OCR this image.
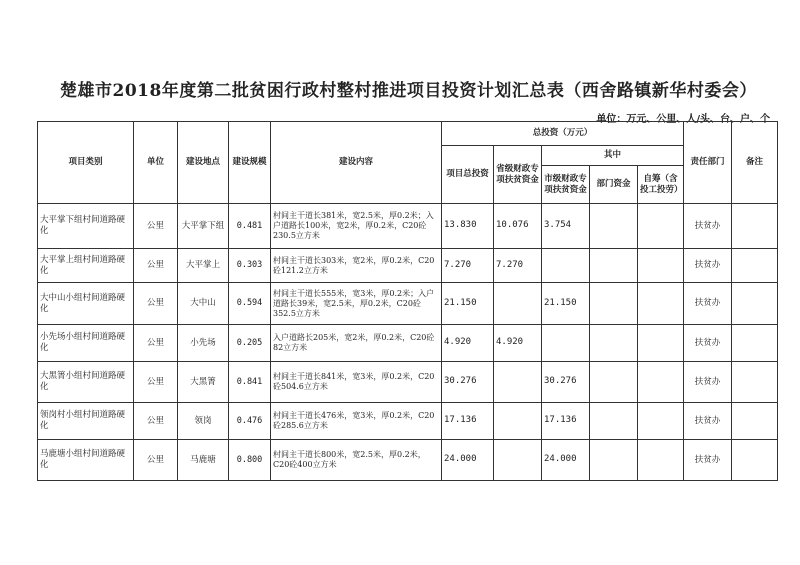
楚雄市2018年度第二批贫困行政村整村推进项目投资计划汇总表（西舍路镇新华村委会）
单位：万元、公里、人/头、台、户、个
项目类别	单位	建设地点	建设规模	建设内容	总投资（万元）					责任部门	备注
					项目总投资	省级财政专项扶贫资金	其中				
							市级财政专项扶贫资金	部门资金	自筹（含投工投劳）		
大平掌下组村间道路硬化	公里	大平掌下组	0.481	村间主干道长381米，宽2.5米，厚0.2米；入户道路长100米，宽2米，厚0.2米，C20砼230.5立方米	13.830	10.076	3.754			扶贫办	
大平掌上组村间道路硬化	公里	大平掌上	0.303	村间主干道长303米，宽2米，厚0.2米，C20砼121.2立方米	7.270	7.270				扶贫办	
大中山小组村间道路硬化	公里	大中山	0.594	村间主干道长555米，宽3米，厚0.2米；入户道路长39米，宽2.5米，厚0.2米，C20砼352.5立方米	21.150		21.150			扶贫办	
小先场小组村间道路硬化	公里	小先场	0.205	入户道路长205米，宽2米，厚0.2米，C20砼82立方米	4.920	4.920				扶贫办	
大黑箐小组村间道路硬化	公里	大黑箐	0.841	村间主干道长841米，宽3米，厚0.2米，C20砼504.6立方米	30.276		30.276			扶贫办	
领岗村小组村间道路硬化	公里	领岗	0.476	村间主干道长476米，宽3米，厚0.2米，C20砼285.6立方米	17.136		17.136			扶贫办	
马鹿塘小组村间道路硬化	公里	马鹿塘	0.800	村间主干道长800米，宽2.5米，厚0.2米，C20砼400立方米	24.000		24.000			扶贫办	
